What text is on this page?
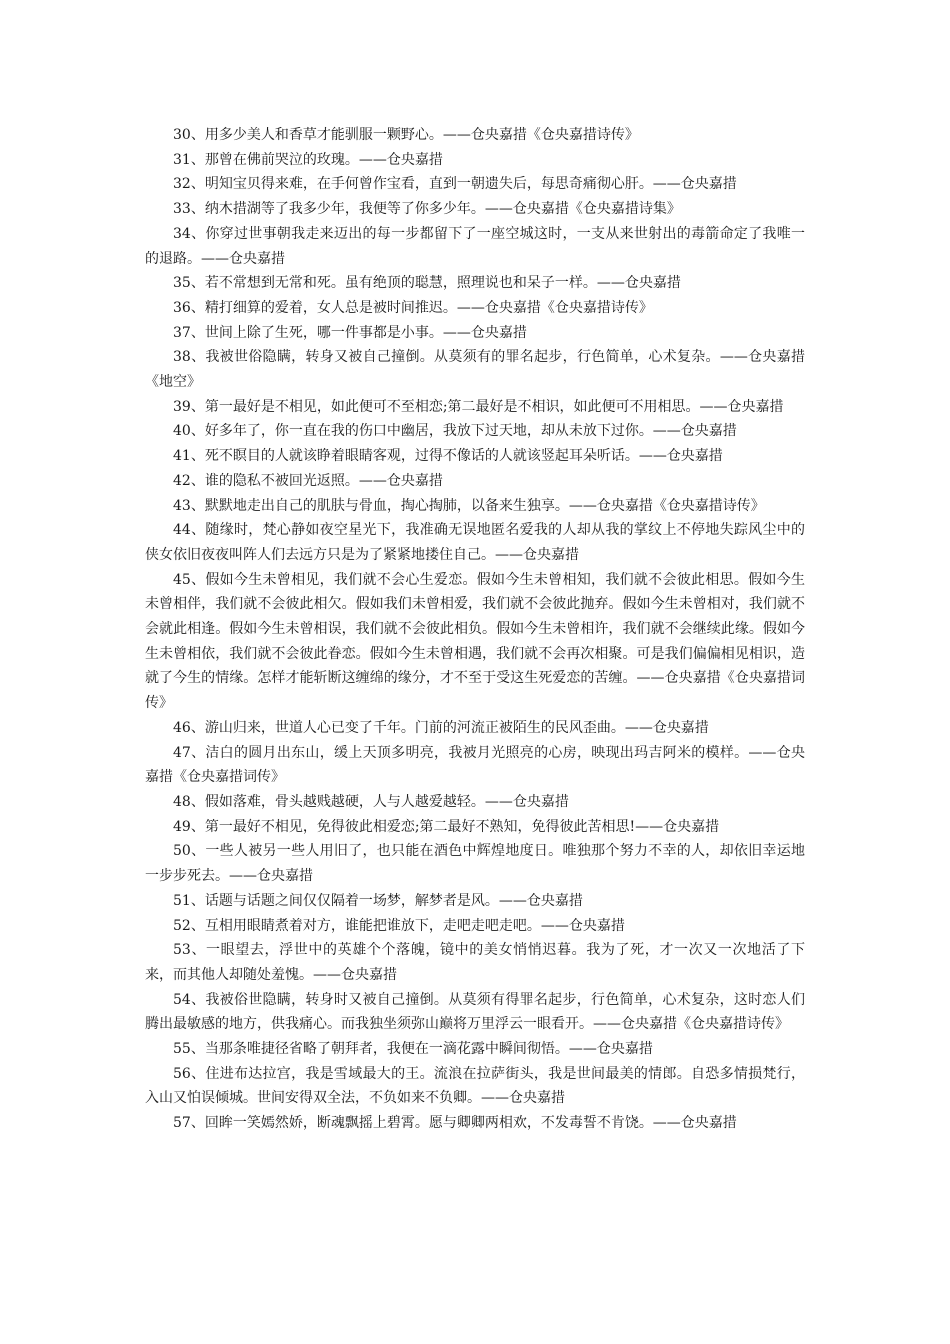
30、用多少美人和香草才能驯服一颗野心。——仓央嘉措《仓央嘉措诗传》

31、那曾在佛前哭泣的玫瑰。——仓央嘉措

32、明知宝贝得来难，在手何曾作宝看，直到一朝遗失后，每思奇痛彻心肝。——仓央嘉措

33、纳木措湖等了我多少年，我便等了你多少年。——仓央嘉措《仓央嘉措诗集》

34、你穿过世事朝我走来迈出的每一步都留下了一座空城这时，一支从来世射出的毒箭命定了我唯一的退路。——仓央嘉措

35、若不常想到无常和死。虽有绝顶的聪慧，照理说也和呆子一样。——仓央嘉措

36、精打细算的爱着，女人总是被时间推迟。——仓央嘉措《仓央嘉措诗传》

37、世间上除了生死，哪一件事都是小事。——仓央嘉措

38、我被世俗隐瞒，转身又被自己撞倒。从莫须有的罪名起步，行色简单，心术复杂。——仓央嘉措《地空》

39、第一最好是不相见，如此便可不至相恋;第二最好是不相识，如此便可不用相思。——仓央嘉措

40、好多年了，你一直在我的伤口中幽居，我放下过天地，却从未放下过你。——仓央嘉措

41、死不瞑目的人就该睁着眼睛客观，过得不像话的人就该竖起耳朵听话。——仓央嘉措

42、谁的隐私不被回光返照。——仓央嘉措

43、默默地走出自己的肌肤与骨血，掏心掏肺，以备来生独享。——仓央嘉措《仓央嘉措诗传》

44、随缘时，梵心静如夜空星光下，我准确无误地匿名爱我的人却从我的掌纹上不停地失踪风尘中的侠女依旧夜夜叫阵人们去远方只是为了紧紧地搂住自己。——仓央嘉措

45、假如今生未曾相见，我们就不会心生爱恋。假如今生未曾相知，我们就不会彼此相思。假如今生未曾相伴，我们就不会彼此相欠。假如我们未曾相爱，我们就不会彼此抛弃。假如今生未曾相对，我们就不会就此相逢。假如今生未曾相误，我们就不会彼此相负。假如今生未曾相许，我们就不会继续此缘。假如今生未曾相依，我们就不会彼此眷恋。假如今生未曾相遇，我们就不会再次相聚。可是我们偏偏相见相识，造就了今生的情缘。怎样才能斩断这缠绵的缘分，才不至于受这生死爱恋的苦缠。——仓央嘉措《仓央嘉措词传》

46、游山归来，世道人心已变了千年。门前的河流正被陌生的民风歪曲。——仓央嘉措

47、洁白的圆月出东山，缓上天顶多明亮，我被月光照亮的心房，映现出玛吉阿米的模样。——仓央嘉措《仓央嘉措词传》

48、假如落难，骨头越贱越硬，人与人越爱越轻。——仓央嘉措

49、第一最好不相见，免得彼此相爱恋;第二最好不熟知，免得彼此苦相思!——仓央嘉措

50、一些人被另一些人用旧了，也只能在酒色中辉煌地度日。唯独那个努力不幸的人，却依旧幸运地一步步死去。——仓央嘉措

51、话题与话题之间仅仅隔着一场梦，解梦者是风。——仓央嘉措

52、互相用眼睛煮着对方，谁能把谁放下，走吧走吧走吧。——仓央嘉措

53、一眼望去，浮世中的英雄个个落魄，镜中的美女悄悄迟暮。我为了死，才一次又一次地活了下来，而其他人却随处羞愧。——仓央嘉措

54、我被俗世隐瞒，转身时又被自己撞倒。从莫须有得罪名起步，行色简单，心术复杂，这时恋人们腾出最敏感的地方，供我痛心。而我独坐须弥山巅将万里浮云一眼看开。——仓央嘉措《仓央嘉措诗传》

55、当那条唯捷径省略了朝拜者，我便在一滴花露中瞬间彻悟。——仓央嘉措

56、住进布达拉宫，我是雪域最大的王。流浪在拉萨街头，我是世间最美的情郎。自恐多情损梵行，入山又怕误倾城。世间安得双全法，不负如来不负卿。——仓央嘉措

57、回眸一笑嫣然娇，断魂飘摇上碧霄。愿与卿卿两相欢，不发毒誓不肯饶。——仓央嘉措
